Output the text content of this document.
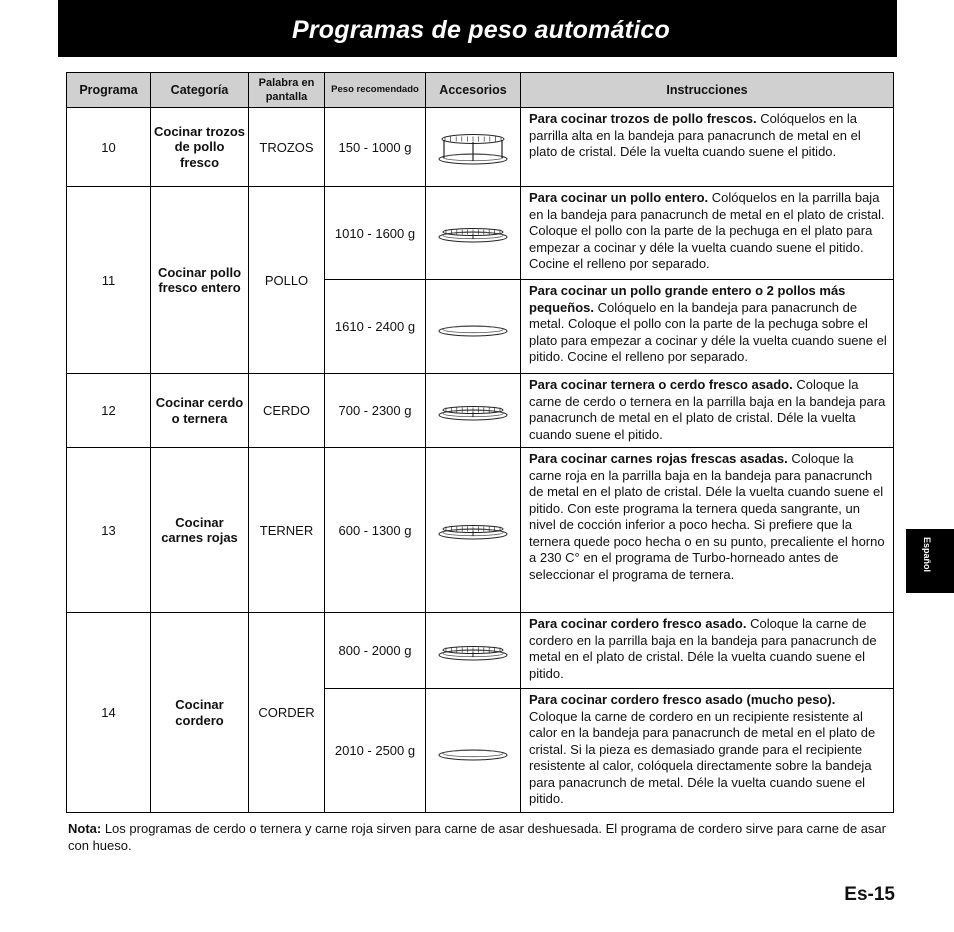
Programas de peso automático
Programa	Categoría	Palabra en pantalla	Peso recomendado	Accesorios	Instrucciones
10	Cocinar trozos de pollo fresco	TROZOS	150 - 1000 g		Para cocinar trozos de pollo frescos. Colóquelos en la parrilla alta en la bandeja para panacrunch de metal en el plato de cristal. Déle la vuelta cuando suene el pitido.
11	Cocinar pollo fresco entero	POLLO	1010 - 1600 g		Para cocinar un pollo entero. Colóquelos en la parrilla baja en la bandeja para panacrunch de metal en el plato de cristal. Coloque el pollo con la parte de la pechuga en el plato para empezar a cocinar y déle la vuelta cuando suene el pitido. Cocine el relleno por separado.
			1610 - 2400 g		Para cocinar un pollo grande entero o 2 pollos más pequeños. Colóquelo en la bandeja para panacrunch de metal. Coloque el pollo con la parte de la pechuga sobre el plato para empezar a cocinar y déle la vuelta cuando suene el pitido. Cocine el relleno por separado.
12	Cocinar cerdo o ternera	CERDO	700 - 2300 g		Para cocinar ternera o cerdo fresco asado. Coloque la carne de cerdo o ternera en la parrilla baja en la bandeja para panacrunch de metal en el plato de cristal. Déle la vuelta cuando suene el pitido.
13	Cocinar carnes rojas	TERNER	600 - 1300 g		Para cocinar carnes rojas frescas asadas. Coloque la carne roja en la parrilla baja en la bandeja para panacrunch de metal en el plato de cristal. Déle la vuelta cuando suene el pitido. Con este programa la ternera queda sangrante, un nivel de cocción inferior a poco hecha. Si prefiere que la ternera quede poco hecha o en su punto, precaliente el horno a 230 C° en el programa de Turbo-horneado antes de seleccionar el programa de ternera.
14	Cocinar cordero	CORDER	800 - 2000 g		Para cocinar cordero fresco asado. Coloque la carne de cordero en la parrilla baja en la bandeja para panacrunch de metal en el plato de cristal. Déle la vuelta cuando suene el pitido.
			2010 - 2500 g		Para cocinar cordero fresco asado (mucho peso). Coloque la carne de cordero en un recipiente resistente al calor en la bandeja para panacrunch de metal en el plato de cristal. Si la pieza es demasiado grande para el recipiente resistente al calor, colóquela directamente sobre la bandeja para panacrunch de metal. Déle la vuelta cuando suene el pitido.
Nota: Los programas de cerdo o ternera y carne roja sirven para carne de asar deshuesada. El programa de cordero sirve para carne de asar con hueso.
Es-15
Español
